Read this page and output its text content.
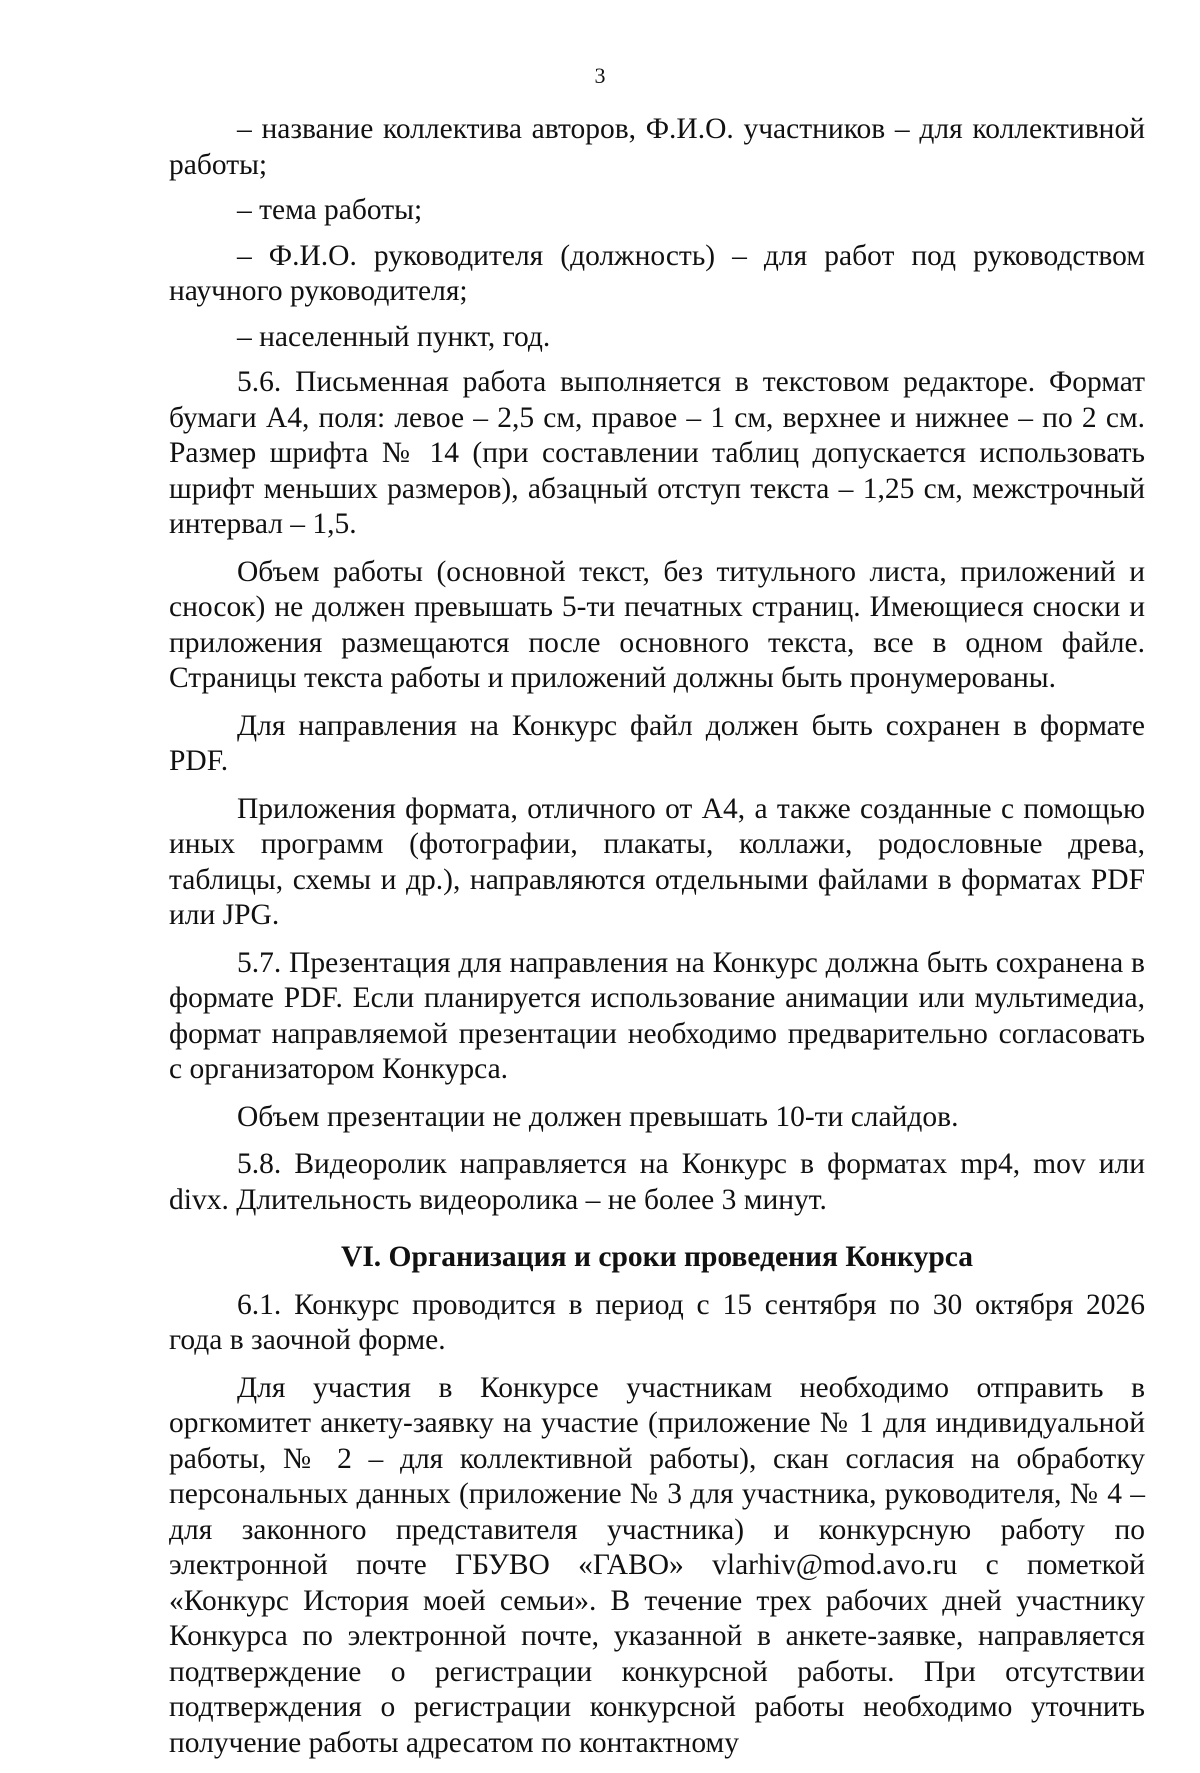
3

– название коллектива авторов, Ф.И.О. участников – для коллективной работы;

– тема работы;

– Ф.И.О. руководителя (должность) – для работ под руководством научного руководителя;

– населенный пункт, год.

5.6. Письменная работа выполняется в текстовом редакторе. Формат бумаги А4, поля: левое – 2,5 см, правое – 1 см, верхнее и нижнее – по 2 см. Размер шрифта № 14 (при составлении таблиц допускается использовать шрифт меньших размеров), абзацный отступ текста – 1,25 см, межстрочный интервал – 1,5.

Объем работы (основной текст, без титульного листа, приложений и сносок) не должен превышать 5-ти печатных страниц. Имеющиеся сноски и приложения размещаются после основного текста, все в одном файле. Страницы текста работы и приложений должны быть пронумерованы.

Для направления на Конкурс файл должен быть сохранен в формате PDF.

Приложения формата, отличного от А4, а также созданные с помощью иных программ (фотографии, плакаты, коллажи, родословные древа, таблицы, схемы и др.), направляются отдельными файлами в форматах PDF или JPG.

5.7. Презентация для направления на Конкурс должна быть сохранена в формате PDF. Если планируется использование анимации или мультимедиа, формат направляемой презентации необходимо предварительно согласовать с организатором Конкурса.

Объем презентации не должен превышать 10-ти слайдов.

5.8. Видеоролик направляется на Конкурс в форматах mp4, mov или divx. Длительность видеоролика – не более 3 минут.

VI. Организация и сроки проведения Конкурса

6.1. Конкурс проводится в период с 15 сентября по 30 октября 2026 года в заочной форме.

Для участия в Конкурсе участникам необходимо отправить в оргкомитет анкету-заявку на участие (приложение № 1 для индивидуальной работы, № 2 – для коллективной работы), скан согласия на обработку персональных данных (приложение № 3 для участника, руководителя, № 4 – для законного представителя участника) и конкурсную работу по электронной почте ГБУВО «ГАВО» vlarhiv@mod.avo.ru с пометкой «Конкурс История моей семьи». В течение трех рабочих дней участнику Конкурса по электронной почте, указанной в анкете-заявке, направляется подтверждение о регистрации конкурсной работы. При отсутствии подтверждения о регистрации конкурсной работы необходимо уточнить получение работы адресатом по контактному
